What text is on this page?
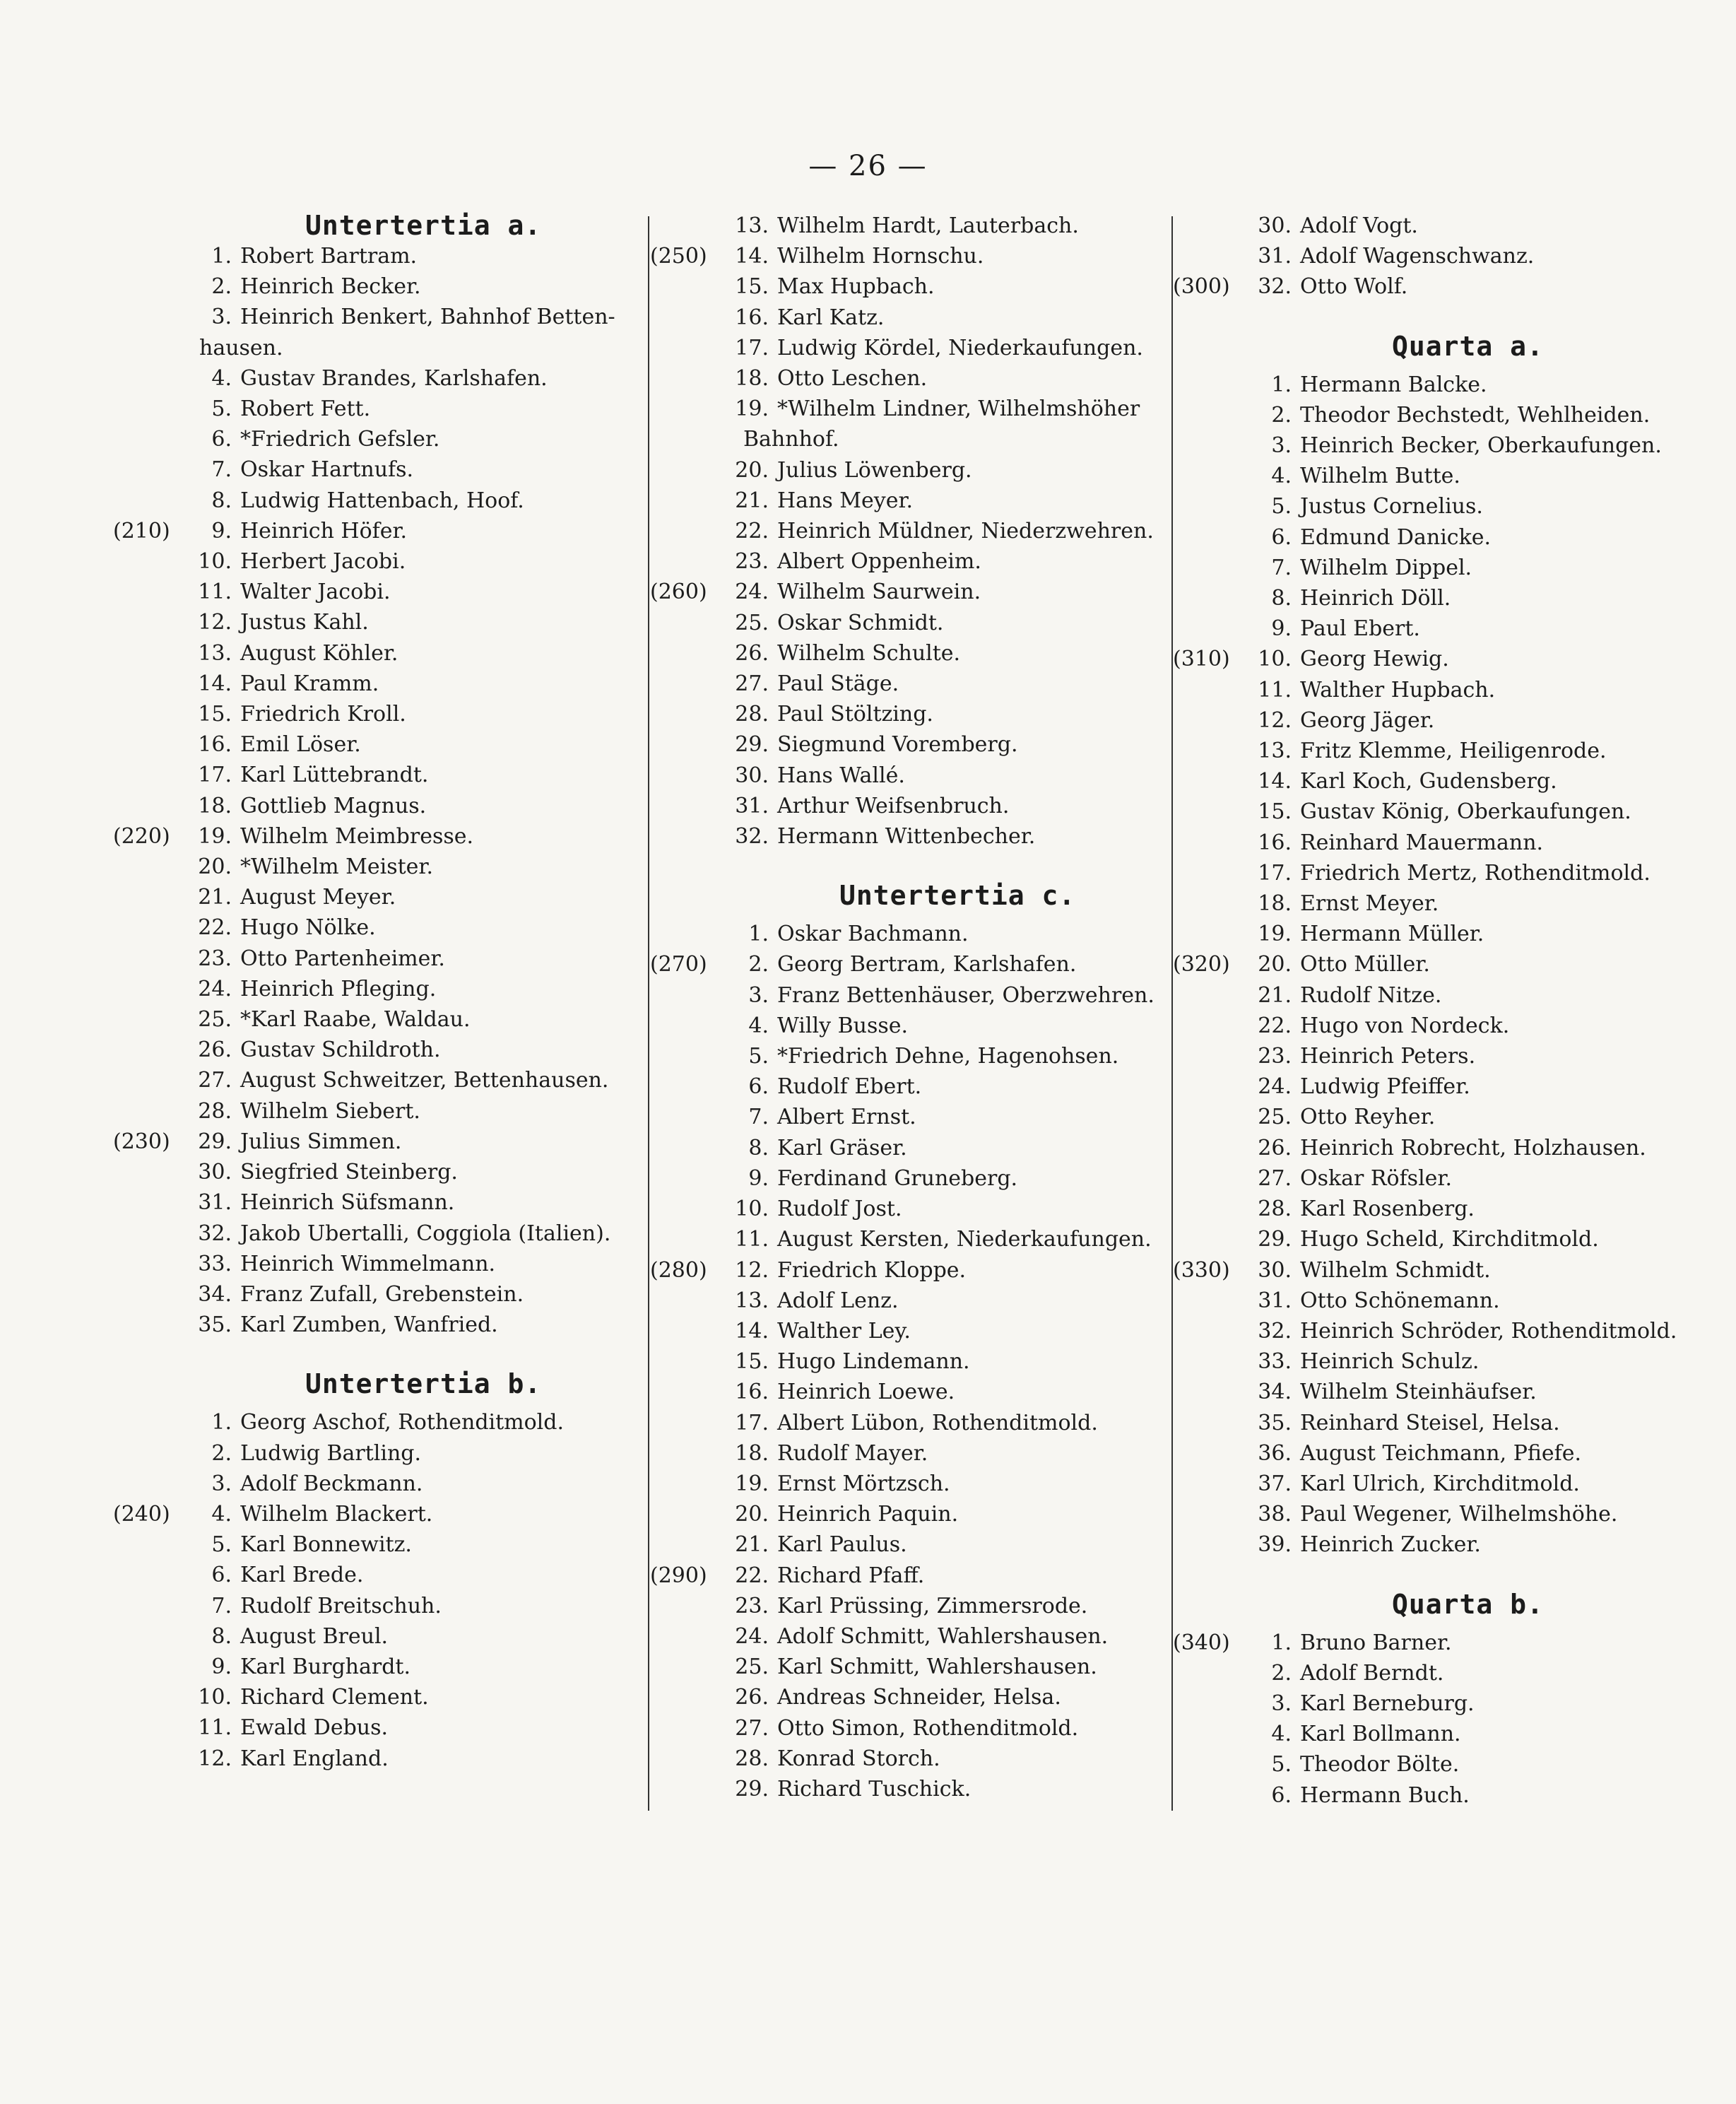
— 26 —
Untertertia a.
1. Robert Bartram.
2. Heinrich Becker.
3. Heinrich Benkert, Bahnhof Betten-
hausen.
4. Gustav Brandes, Karlshafen.
5. Robert Fett.
6. *Friedrich Gefsler.
7. Oskar Hartnufs.
8. Ludwig Hattenbach, Hoof.
(210)	9. Heinrich Höfer.
10. Herbert Jacobi.
11. Walter Jacobi.
12. Justus Kahl.
13. August Köhler.
14. Paul Kramm.
15. Friedrich Kroll.
16. Emil Löser.
17. Karl Lüttebrandt.
18. Gottlieb Magnus.
(220)	19. Wilhelm Meimbresse.
20. *Wilhelm Meister.
21. August Meyer.
22. Hugo Nölke.
23. Otto Partenheimer.
24. Heinrich Pfleging.
25. *Karl Raabe, Waldau.
26. Gustav Schildroth.
27. August Schweitzer, Bettenhausen.
28. Wilhelm Siebert.
(230)	29. Julius Simmen.
30. Siegfried Steinberg.
31. Heinrich Süfsmann.
32. Jakob Ubertalli, Coggiola (Italien).
33. Heinrich Wimmelmann.
34. Franz Zufall, Grebenstein.
35. Karl Zumben, Wanfried.
Untertertia b.
1. Georg Aschof, Rothenditmold.
2. Ludwig Bartling.
3. Adolf Beckmann.
(240)	4. Wilhelm Blackert.
5. Karl Bonnewitz.
6. Karl Brede.
7. Rudolf Breitschuh.
8. August Breul.
9. Karl Burghardt.
10. Richard Clement.
11. Ewald Debus.
12. Karl England.
13. Wilhelm Hardt, Lauterbach.
(250)	14. Wilhelm Hornschu.
15. Max Hupbach.
16. Karl Katz.
17. Ludwig Kördel, Niederkaufungen.
18. Otto Leschen.
19. *Wilhelm Lindner, Wilhelmshöher
Bahnhof.
20. Julius Löwenberg.
21. Hans Meyer.
22. Heinrich Müldner, Niederzwehren.
23. Albert Oppenheim.
(260)	24. Wilhelm Saurwein.
25. Oskar Schmidt.
26. Wilhelm Schulte.
27. Paul Stäge.
28. Paul Stöltzing.
29. Siegmund Voremberg.
30. Hans Wallé.
31. Arthur Weifsenbruch.
32. Hermann Wittenbecher.
Untertertia c.
1. Oskar Bachmann.
(270)	2. Georg Bertram, Karlshafen.
3. Franz Bettenhäuser, Oberzwehren.
4. Willy Busse.
5. *Friedrich Dehne, Hagenohsen.
6. Rudolf Ebert.
7. Albert Ernst.
8. Karl Gräser.
9. Ferdinand Gruneberg.
10. Rudolf Jost.
11. August Kersten, Niederkaufungen.
(280)	12. Friedrich Kloppe.
13. Adolf Lenz.
14. Walther Ley.
15. Hugo Lindemann.
16. Heinrich Loewe.
17. Albert Lübon, Rothenditmold.
18. Rudolf Mayer.
19. Ernst Mörtzsch.
20. Heinrich Paquin.
21. Karl Paulus.
(290)	22. Richard Pfaff.
23. Karl Prüssing, Zimmersrode.
24. Adolf Schmitt, Wahlershausen.
25. Karl Schmitt, Wahlershausen.
26. Andreas Schneider, Helsa.
27. Otto Simon, Rothenditmold.
28. Konrad Storch.
29. Richard Tuschick.
30. Adolf Vogt.
31. Adolf Wagenschwanz.
(300)	32. Otto Wolf.
Quarta a.
1. Hermann Balcke.
2. Theodor Bechstedt, Wehlheiden.
3. Heinrich Becker, Oberkaufungen.
4. Wilhelm Butte.
5. Justus Cornelius.
6. Edmund Danicke.
7. Wilhelm Dippel.
8. Heinrich Döll.
9. Paul Ebert.
(310)	10. Georg Hewig.
11. Walther Hupbach.
12. Georg Jäger.
13. Fritz Klemme, Heiligenrode.
14. Karl Koch, Gudensberg.
15. Gustav König, Oberkaufungen.
16. Reinhard Mauermann.
17. Friedrich Mertz, Rothenditmold.
18. Ernst Meyer.
19. Hermann Müller.
(320)	20. Otto Müller.
21. Rudolf Nitze.
22. Hugo von Nordeck.
23. Heinrich Peters.
24. Ludwig Pfeiffer.
25. Otto Reyher.
26. Heinrich Robrecht, Holzhausen.
27. Oskar Röfsler.
28. Karl Rosenberg.
29. Hugo Scheld, Kirchditmold.
(330)	30. Wilhelm Schmidt.
31. Otto Schönemann.
32. Heinrich Schröder, Rothenditmold.
33. Heinrich Schulz.
34. Wilhelm Steinhäufser.
35. Reinhard Steisel, Helsa.
36. August Teichmann, Pfiefe.
37. Karl Ulrich, Kirchditmold.
38. Paul Wegener, Wilhelmshöhe.
39. Heinrich Zucker.
Quarta b.
(340)	1. Bruno Barner.
2. Adolf Berndt.
3. Karl Berneburg.
4. Karl Bollmann.
5. Theodor Bölte.
6. Hermann Buch.
